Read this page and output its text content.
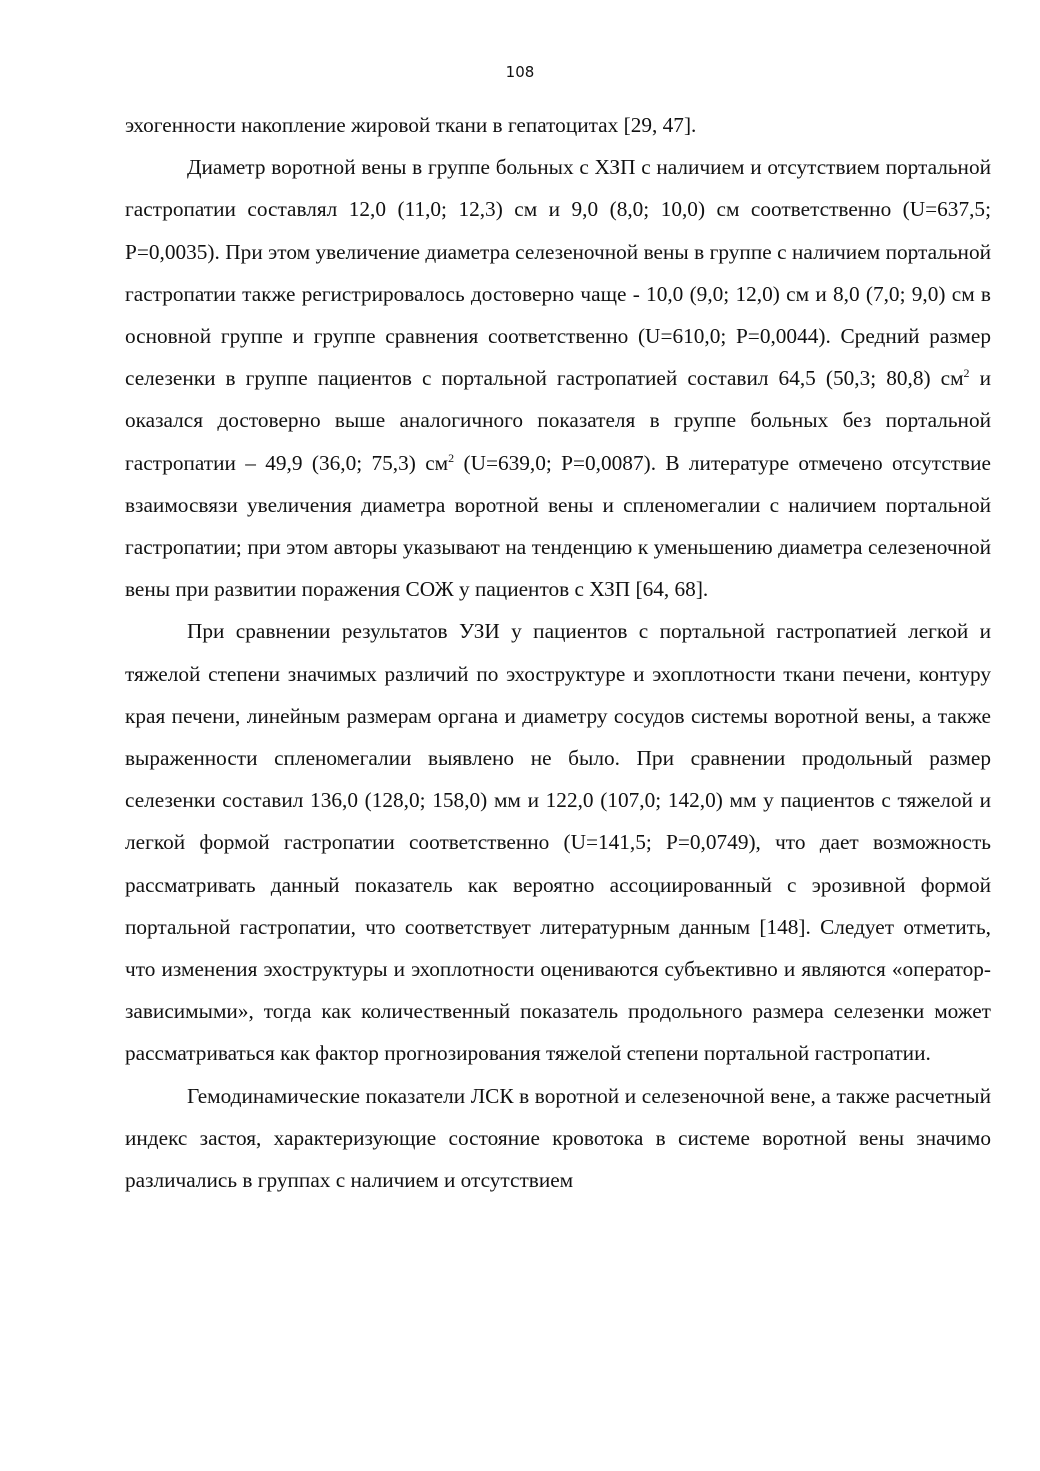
108

эхогенности накопление жировой ткани в гепатоцитах [29, 47].

Диаметр воротной вены в группе больных с ХЗП с наличием и отсутствием портальной гастропатии составлял 12,0 (11,0; 12,3) см и 9,0 (8,0; 10,0) см соответственно (U=637,5; P=0,0035). При этом увеличение диаметра селезеночной вены в группе с наличием портальной гастропатии также регистрировалось достоверно чаще - 10,0 (9,0; 12,0) см и 8,0 (7,0; 9,0) см в основной группе и группе сравнения соответственно (U=610,0; P=0,0044). Средний размер селезенки в группе пациентов с портальной гастропатией составил 64,5 (50,3; 80,8) $см^2$ и оказался достоверно выше аналогичного показателя в группе больных без портальной гастропатии – 49,9 (36,0; 75,3) $см^2$ (U=639,0; P=0,0087). В литературе отмечено отсутствие взаимосвязи увеличения диаметра воротной вены и спленомегалии с наличием портальной гастропатии; при этом авторы указывают на тенденцию к уменьшению диаметра селезеночной вены при развитии поражения СОЖ у пациентов с ХЗП [64, 68].

При сравнении результатов УЗИ у пациентов с портальной гастропатией легкой и тяжелой степени значимых различий по эхоструктуре и эхоплотности ткани печени, контуру края печени, линейным размерам органа и диаметру сосудов системы воротной вены, а также выраженности спленомегалии выявлено не было. При сравнении продольный размер селезенки составил 136,0 (128,0; 158,0) мм и 122,0 (107,0; 142,0) мм у пациентов с тяжелой и легкой формой гастропатии соответственно (U=141,5; P=0,0749), что дает возможность рассматривать данный показатель как вероятно ассоциированный с эрозивной формой портальной гастропатии, что соответствует литературным данным [148]. Следует отметить, что изменения эхоструктуры и эхоплотности оцениваются субъективно и являются «оператор-зависимыми», тогда как количественный показатель продольного размера селезенки может рассматриваться как фактор прогнозирования тяжелой степени портальной гастропатии.

Гемодинамические показатели ЛСК в воротной и селезеночной вене, а также расчетный индекс застоя, характеризующие состояние кровотока в системе воротной вены значимо различались в группах с наличием и отсутствием
